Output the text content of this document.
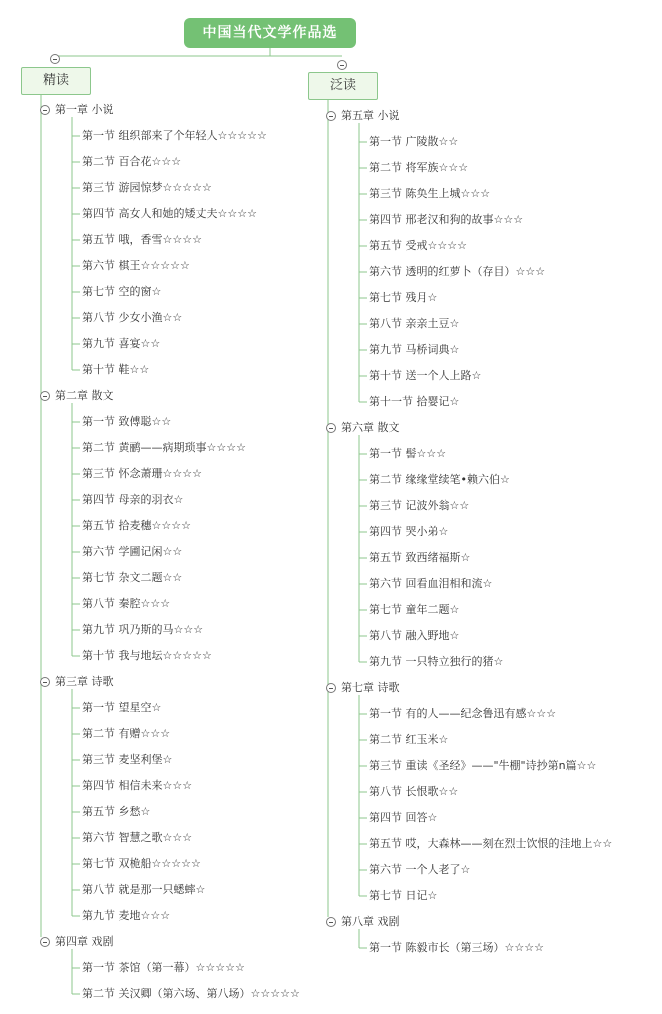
中国当代文学作品选
精读
第一章 小说
第一节 组织部来了个年轻人☆☆☆☆☆
第二节 百合花☆☆☆
第三节 游园惊梦☆☆☆☆☆
第四节 高女人和她的矮丈夫☆☆☆☆
第五节 哦，香雪☆☆☆☆
第六节 棋王☆☆☆☆☆
第七节 空的窗☆
第八节 少女小渔☆☆
第九节 喜宴☆☆
第十节 鞋☆☆
第二章 散文
第一节 致傅聪☆☆
第二节 黄鹂——病期琐事☆☆☆☆
第三节 怀念萧珊☆☆☆☆
第四节 母亲的羽衣☆
第五节 拾麦穗☆☆☆☆
第六节 学圃记闲☆☆
第七节 杂文二题☆☆
第八节 秦腔☆☆☆
第九节 巩乃斯的马☆☆☆
第十节 我与地坛☆☆☆☆☆
第三章 诗歌
第一节 望星空☆
第二节 有赠☆☆☆
第三节 麦坚利堡☆
第四节 相信未来☆☆☆
第五节 乡愁☆
第六节 智慧之歌☆☆☆
第七节 双桅船☆☆☆☆☆
第八节 就是那一只蟋蟀☆
第九节 麦地☆☆☆
第四章 戏剧
第一节 茶馆（第一幕）☆☆☆☆☆
第二节 关汉卿（第六场、第八场）☆☆☆☆☆
泛读
第五章 小说
第一节 广陵散☆☆
第二节 将军族☆☆☆
第三节 陈奂生上城☆☆☆
第四节 邢老汉和狗的故事☆☆☆
第五节 受戒☆☆☆☆
第六节 透明的红萝卜（存目）☆☆☆
第七节 残月☆
第八节 亲亲土豆☆
第九节 马桥词典☆
第十节 送一个人上路☆
第十一节 拾婴记☆
第六章 散文
第一节 髻☆☆☆
第二节 缘缘堂续笔•赖六伯☆
第三节 记波外翁☆☆
第四节 哭小弟☆
第五节 致西绪福斯☆
第六节 回看血泪相和流☆
第七节 童年二题☆
第八节 融入野地☆
第九节 一只特立独行的猪☆
第七章 诗歌
第一节 有的人——纪念鲁迅有感☆☆☆
第二节 红玉米☆
第三节 重读《圣经》——"牛棚"诗抄第n篇☆☆
第八节 长恨歌☆☆
第四节 回答☆
第五节 哎，大森林——刻在烈士饮恨的洼地上☆☆
第六节 一个人老了☆
第七节 日记☆
第八章 戏剧
第一节 陈毅市长（第三场）☆☆☆☆
